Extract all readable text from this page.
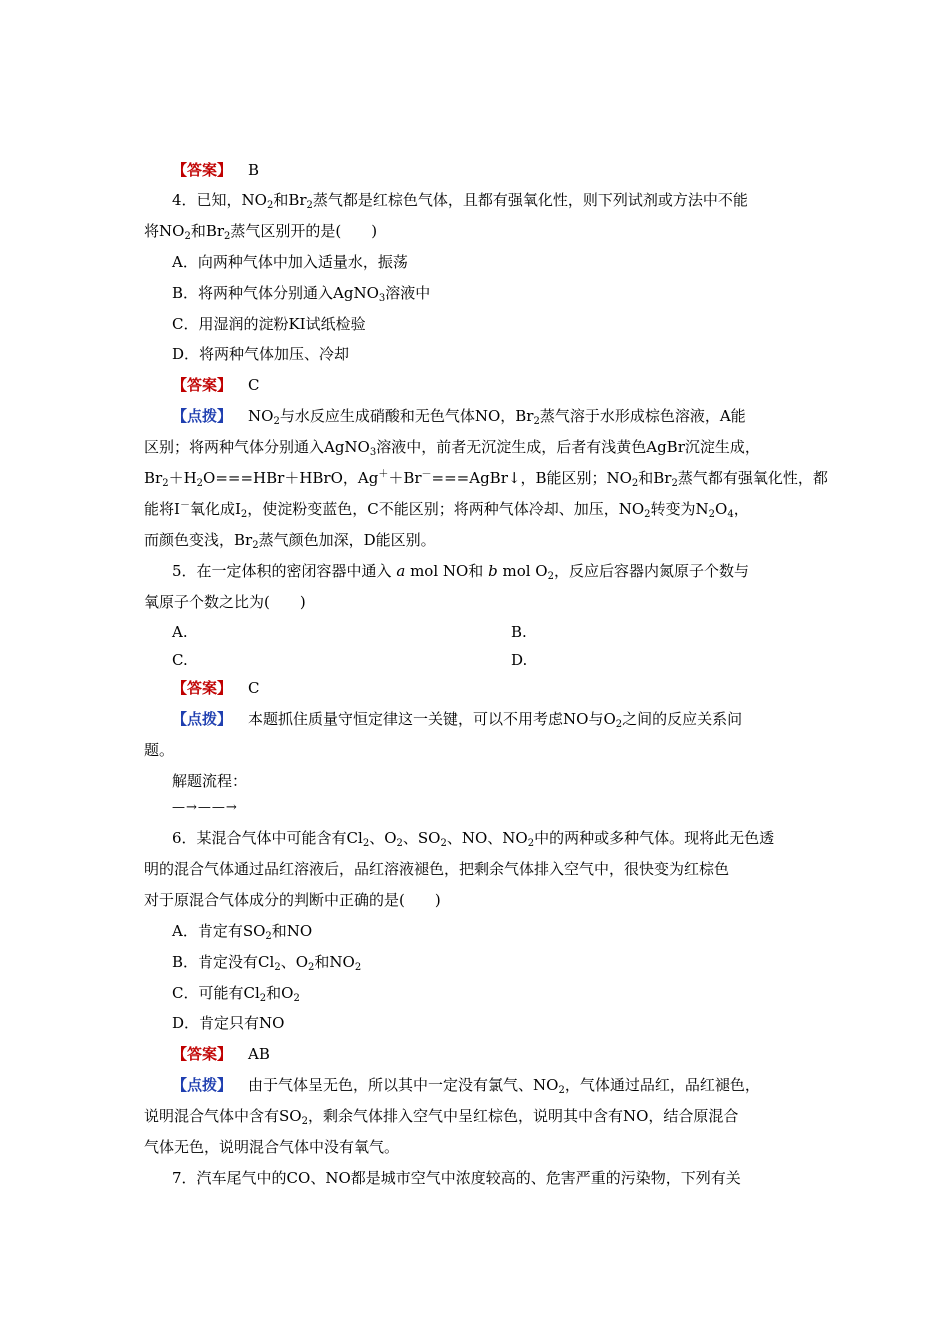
【答案】 B
4．已知，$NO_2$和$Br_2$蒸气都是红棕色气体，且都有强氧化性，则下列试剂或方法中不能
将$NO_2$和$Br_2$蒸气区别开的是(　　)
A．向两种气体中加入适量水，振荡
B．将两种气体分别通入AgNO$_3$溶液中
C．用湿润的淀粉KI试纸检验
D．将两种气体加压、冷却
【答案】 C
【点拨】 $NO_2$与水反应生成硝酸和无色气体NO，$Br_2$蒸气溶于水形成棕色溶液，A能
区别；将两种气体分别通入AgNO$_3$溶液中，前者无沉淀生成，后者有浅黄色AgBr沉淀生成，
$Br_2+H_2O===HBr+HBrO$，Ag＋＋Br－===AgBr↓，B能区别；$NO_2$和$Br_2$蒸气都有强氧化性，都
能将I－氧化成$I_2$，使淀粉变蓝色，C不能区别；将两种气体冷却、加压，$NO_2$转变为$N_2O_4$，
而颜色变浅，$Br_2$蒸气颜色加深，D能区别。
5．在一定体积的密闭容器中通入 a mol NO和 b mol $O_2$，反应后容器内氮原子个数与
氧原子个数之比为(　　)
A.	B.
C.	D.
【答案】 C
【点拨】 本题抓住质量守恒定律这一关键，可以不用考虑NO与$O_2$之间的反应关系问
题。
解题流程：
—→——→
6．某混合气体中可能含有$Cl_2$、$O_2$、$SO_2$、NO、$NO_2$中的两种或多种气体。现将此无色透
明的混合气体通过品红溶液后，品红溶液褪色，把剩余气体排入空气中，很快变为红棕色
对于原混合气体成分的判断中正确的是(　　)
A．肯定有$SO_2$和NO
B．肯定没有$Cl_2$、$O_2$和$NO_2$
C．可能有$Cl_2$和$O_2$
D．肯定只有NO
【答案】 AB
【点拨】 由于气体呈无色，所以其中一定没有氯气、$NO_2$，气体通过品红，品红褪色，
说明混合气体中含有$SO_2$，剩余气体排入空气中呈红棕色，说明其中含有NO，结合原混合
气体无色，说明混合气体中没有氧气。
7．汽车尾气中的CO、NO都是城市空气中浓度较高的、危害严重的污染物，下列有关
